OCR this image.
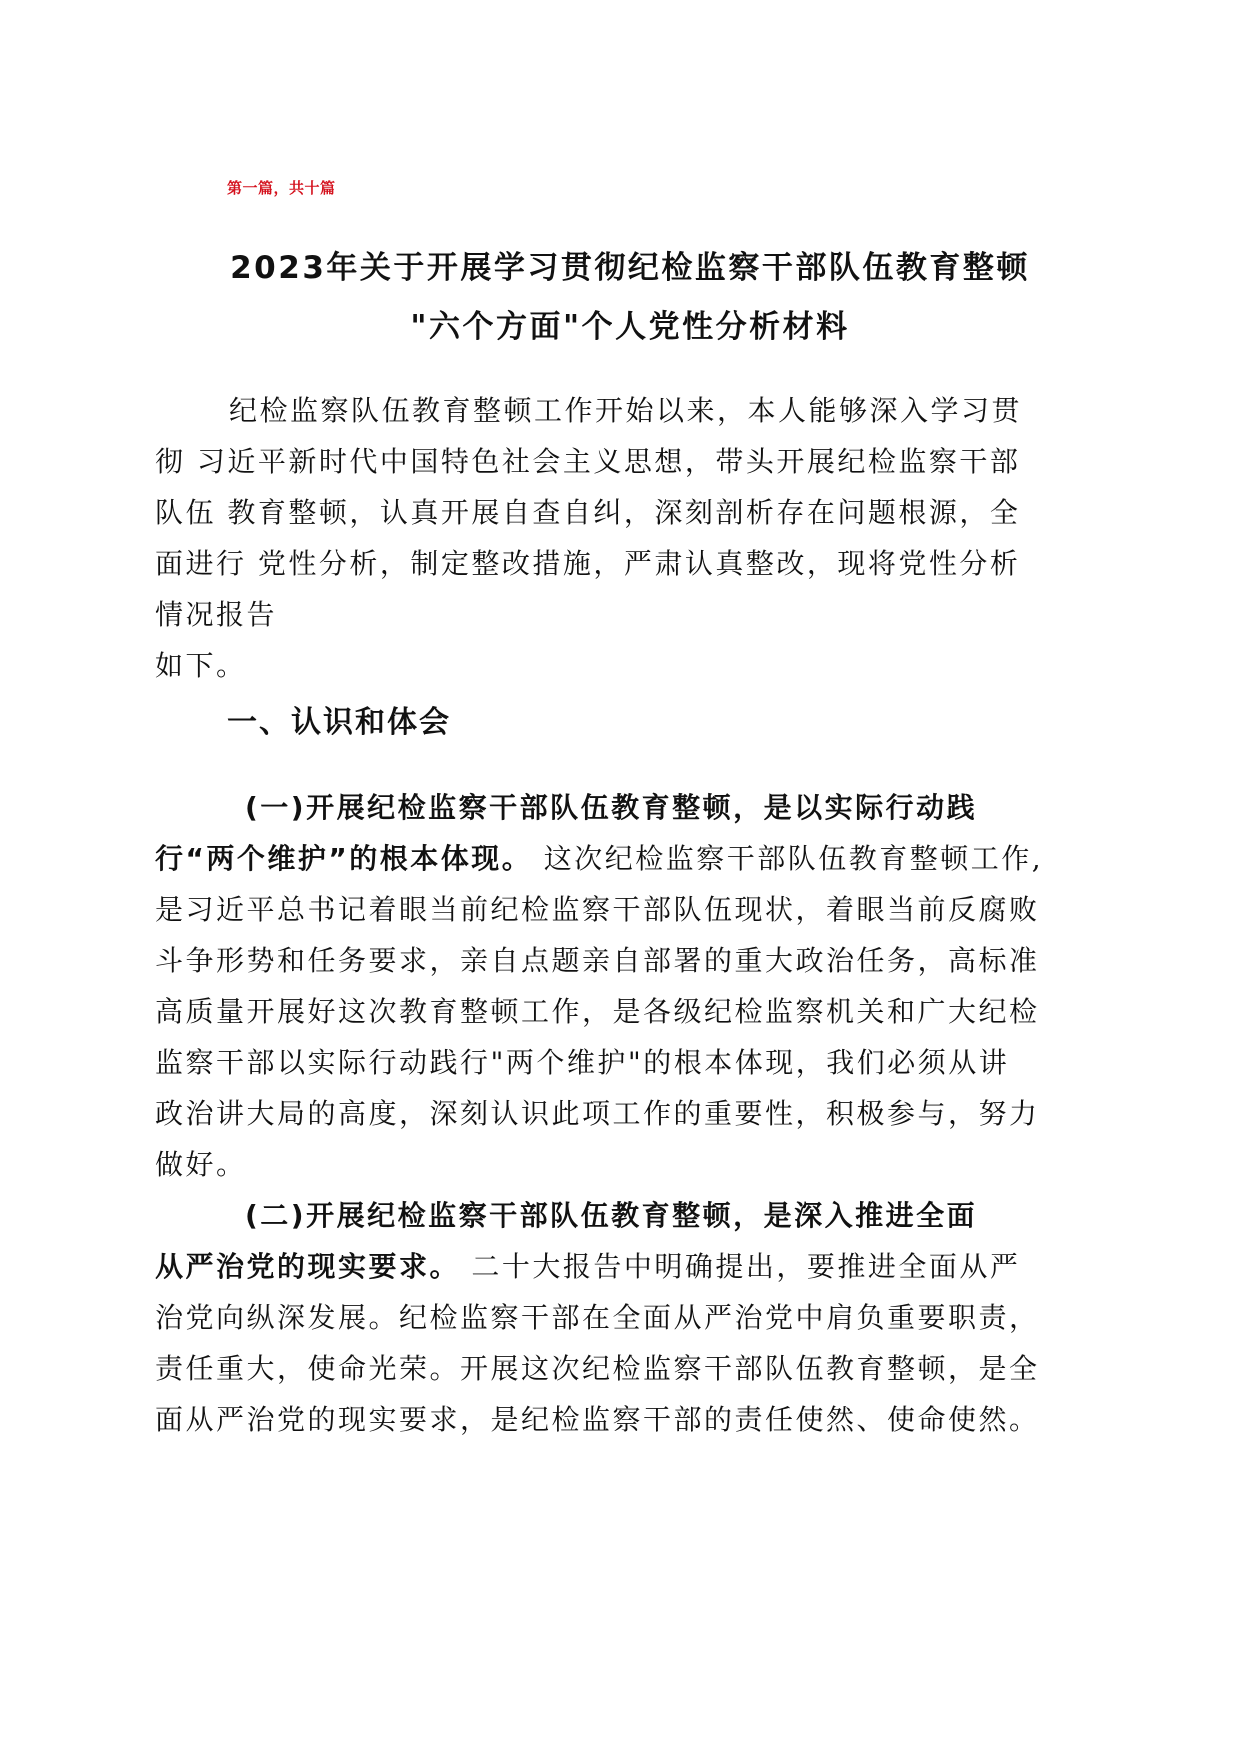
第一篇，共十篇
2023年关于开展学习贯彻纪检监察干部队伍教育整顿
"六个方面"个人党性分析材料
纪检监察队伍教育整顿工作开始以来，本人能够深入学习贯
彻 习近平新时代中国特色社会主义思想，带头开展纪检监察干部
队伍 教育整顿，认真开展自查自纠，深刻剖析存在问题根源，全
面进行 党性分析，制定整改措施，严肃认真整改，现将党性分析
情况报告
如下。
一、认识和体会
(一)开展纪检监察干部队伍教育整顿，是以实际行动践
行“两个维护”的根本体现。 这次纪检监察干部队伍教育整顿工作,
是习近平总书记着眼当前纪检监察干部队伍现状，着眼当前反腐败
斗争形势和任务要求，亲自点题亲自部署的重大政治任务，高标准
高质量开展好这次教育整顿工作，是各级纪检监察机关和广大纪检
监察干部以实际行动践行"两个维护"的根本体现，我们必须从讲
政治讲大局的高度，深刻认识此项工作的重要性，积极参与，努力
做好。
(二)开展纪检监察干部队伍教育整顿，是深入推进全面
从严治党的现实要求。 二十大报告中明确提出，要推进全面从严
治党向纵深发展。纪检监察干部在全面从严治党中肩负重要职责，
责任重大，使命光荣。开展这次纪检监察干部队伍教育整顿，是全
面从严治党的现实要求，是纪检监察干部的责任使然、使命使然。
